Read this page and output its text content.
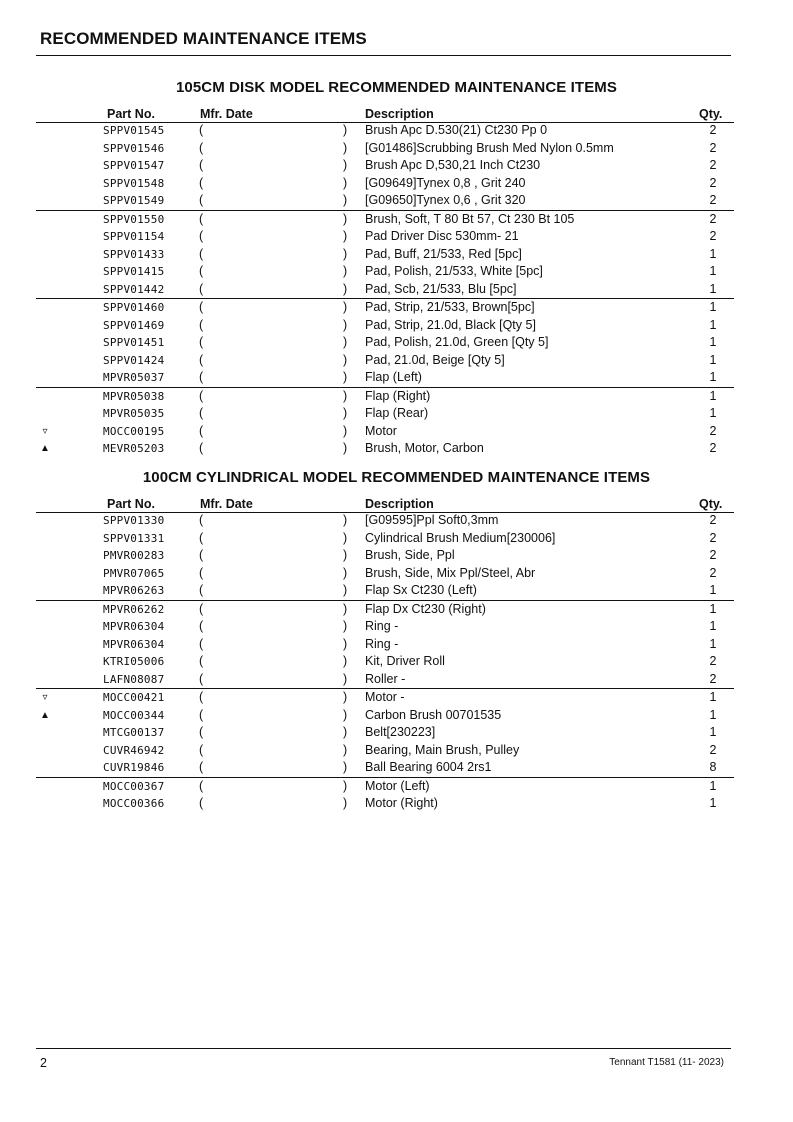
RECOMMENDED MAINTENANCE ITEMS
105CM DISK MODEL RECOMMENDED MAINTENANCE ITEMS
Part No.	Mfr. Date	Description	Qty.
SPPV01545	(	) Brush Apc D.530(21) Ct230 Pp 0	2
SPPV01546	(	) [G01486]Scrubbing Brush Med Nylon 0.5mm	2
SPPV01547	(	) Brush Apc D,530,21 Inch Ct230	2
SPPV01548	(	) [G09649]Tynex 0,8 , Grit 240	2
SPPV01549	(	) [G09650]Tynex 0,6 , Grit 320	2
SPPV01550	(	) Brush, Soft, T 80 Bt 57, Ct 230 Bt 105	2
SPPV01154	(	) Pad Driver Disc 530mm- 21	2
SPPV01433	(	) Pad, Buff, 21/533, Red [5pc]	1
SPPV01415	(	) Pad, Polish, 21/533, White [5pc]	1
SPPV01442	(	) Pad, Scb, 21/533, Blu [5pc]	1
SPPV01460	(	) Pad, Strip, 21/533, Brown[5pc]	1
SPPV01469	(	) Pad, Strip, 21.0d, Black [Qty 5]	1
SPPV01451	(	) Pad, Polish, 21.0d, Green [Qty 5]	1
SPPV01424	(	) Pad, 21.0d, Beige [Qty 5]	1
MPVR05037	(	) Flap (Left)	1
MPVR05038	(	) Flap (Right)	1
MPVR05035	(	) Flap (Rear)	1
▿	MOCC00195	(	) Motor	2
▲	MEVR05203	(	) Brush, Motor, Carbon	2
100CM CYLINDRICAL MODEL RECOMMENDED MAINTENANCE ITEMS
Part No.	Mfr. Date	Description	Qty.
SPPV01330	(	) [G09595]Ppl Soft0,3mm	2
SPPV01331	(	) Cylindrical Brush Medium[230006]	2
PMVR00283	(	) Brush, Side, Ppl	2
PMVR07065	(	) Brush, Side, Mix Ppl/Steel, Abr	2
MPVR06263	(	) Flap Sx Ct230 (Left)	1
MPVR06262	(	) Flap Dx Ct230 (Right)	1
MPVR06304	(	) Ring -	1
MPVR06304	(	) Ring -	1
KTRI05006	(	) Kit, Driver Roll	2
LAFN08087	(	) Roller -	2
▿	MOCC00421	(	) Motor -	1
▲	MOCC00344	(	) Carbon Brush 00701535	1
MTCG00137	(	) Belt[230223]	1
CUVR46942	(	) Bearing, Main Brush, Pulley	2
CUVR19846	(	) Ball Bearing 6004 2rs1	8
MOCC00367	(	) Motor (Left)	1
MOCC00366	(	) Motor (Right)	1
2	Tennant T1581 (11- 2023)
